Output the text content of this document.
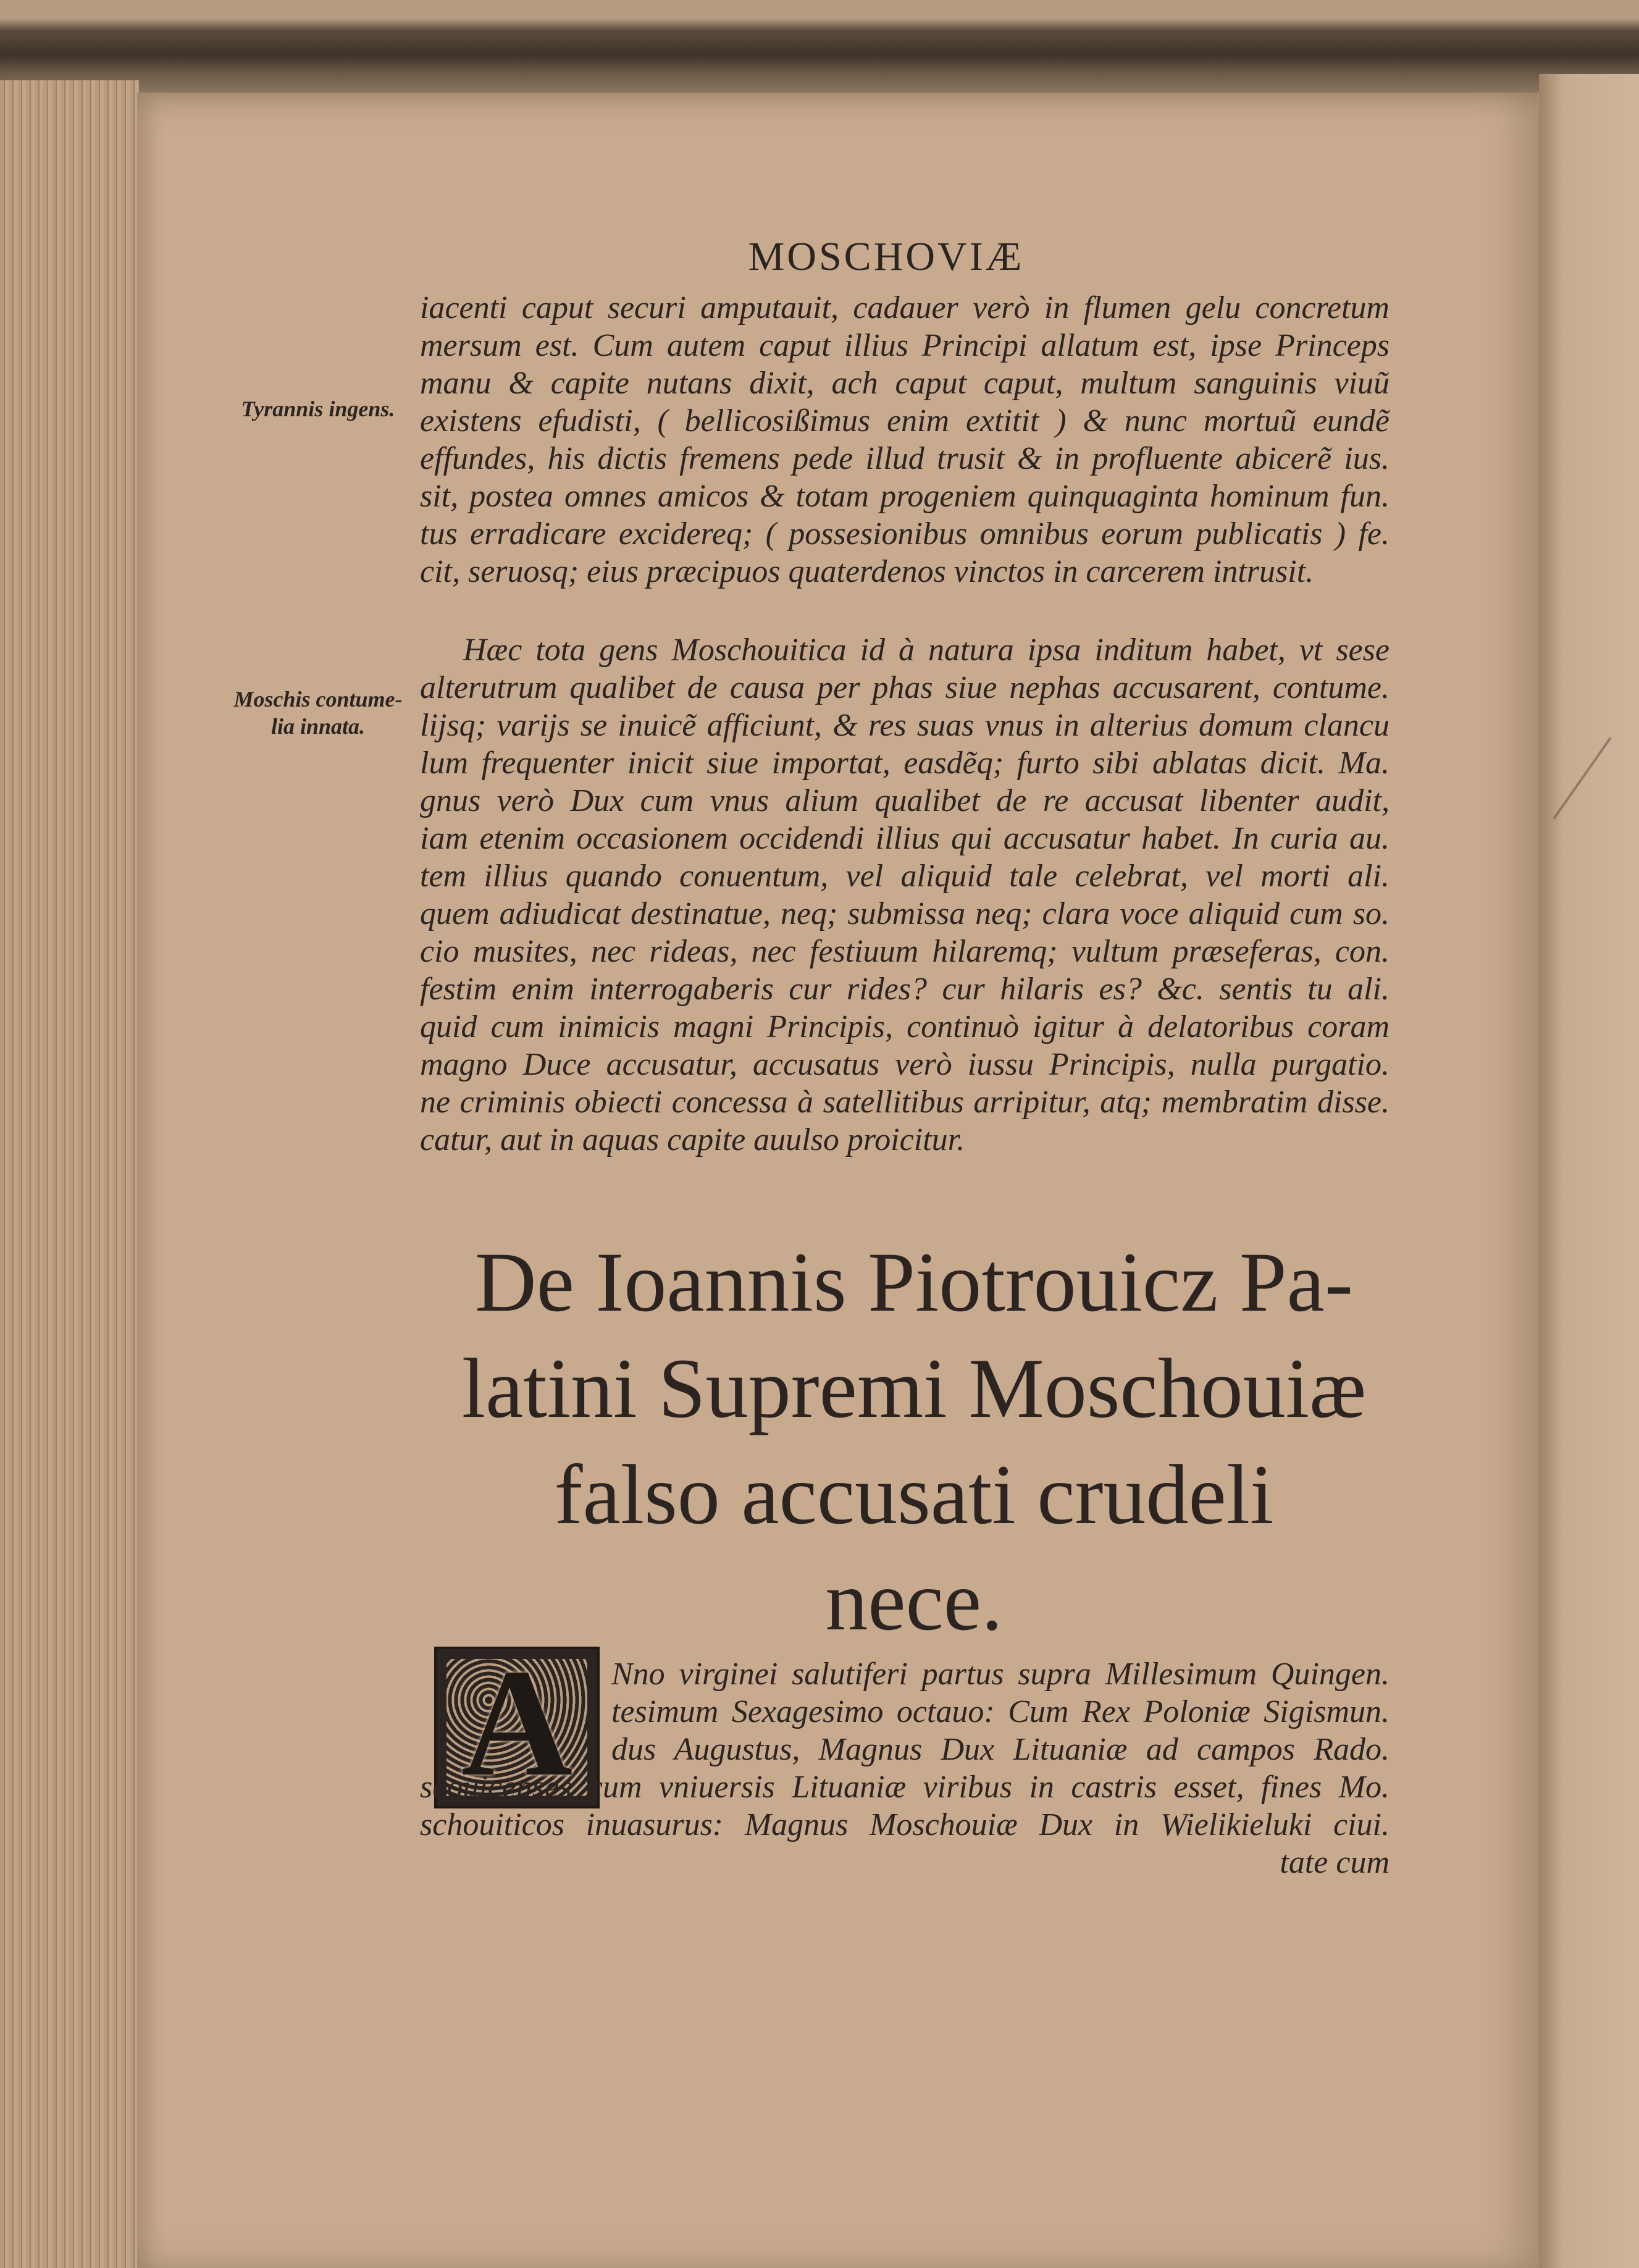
MOSCHOVIÆ
Tyrannis ingens.
Moschis contume-
lia innata.
iacenti caput securi amputauit, cadauer verò in flumen gelu concretum
mersum est. Cum autem caput illius Principi allatum est, ipse Princeps
manu & capite nutans dixit, ach caput caput, multum sanguinis viuũ
existens efudisti, ( bellicosißimus enim extitit ) & nunc mortuũ eundẽ
effundes, his dictis fremens pede illud trusit & in profluente abicerẽ ius.
sit, postea omnes amicos & totam progeniem quinquaginta hominum fun.
tus erradicare excidereq; ( possesionibus omnibus eorum publicatis ) fe.
cit, seruosq; eius præcipuos quaterdenos vinctos in carcerem intrusit.
Hæc tota gens Moschouitica id à natura ipsa inditum habet, vt sese
alterutrum qualibet de causa per phas siue nephas accusarent, contume.
lijsq; varijs se inuicẽ afficiunt, & res suas vnus in alterius domum clancu
lum frequenter inicit siue importat, easdẽq; furto sibi ablatas dicit. Ma.
gnus verò Dux cum vnus alium qualibet de re accusat libenter audit,
iam etenim occasionem occidendi illius qui accusatur habet. In curia au.
tem illius quando conuentum, vel aliquid tale celebrat, vel morti ali.
quem adiudicat destinatue, neq; submissa neq; clara voce aliquid cum so.
cio musites, nec rideas, nec festiuum hilaremq; vultum præseferas, con.
festim enim interrogaberis cur rides? cur hilaris es? &c. sentis tu ali.
quid cum inimicis magni Principis, continuò igitur à delatoribus coram
magno Duce accusatur, accusatus verò iussu Principis, nulla purgatio.
ne criminis obiecti concessa à satellitibus arripitur, atq; membratim disse.
catur, aut in aquas capite auulso proicitur.
De Ioannis Piotrouicz Pa-
latini Supremi Moschouiæ
falso accusati crudeli
nece.
A	Nno virginei salutiferi partus supra Millesimum Quingen.
tesimum Sexagesimo octauo: Cum Rex Poloniæ Sigismun.
dus Augustus, Magnus Dux Lituaniæ ad campos Rado.
scouicenses cum vniuersis Lituaniæ viribus in castris esset, fines Mo.
schouiticos inuasurus: Magnus Moschouiæ Dux in Wielikieluki ciui.
tate cum
